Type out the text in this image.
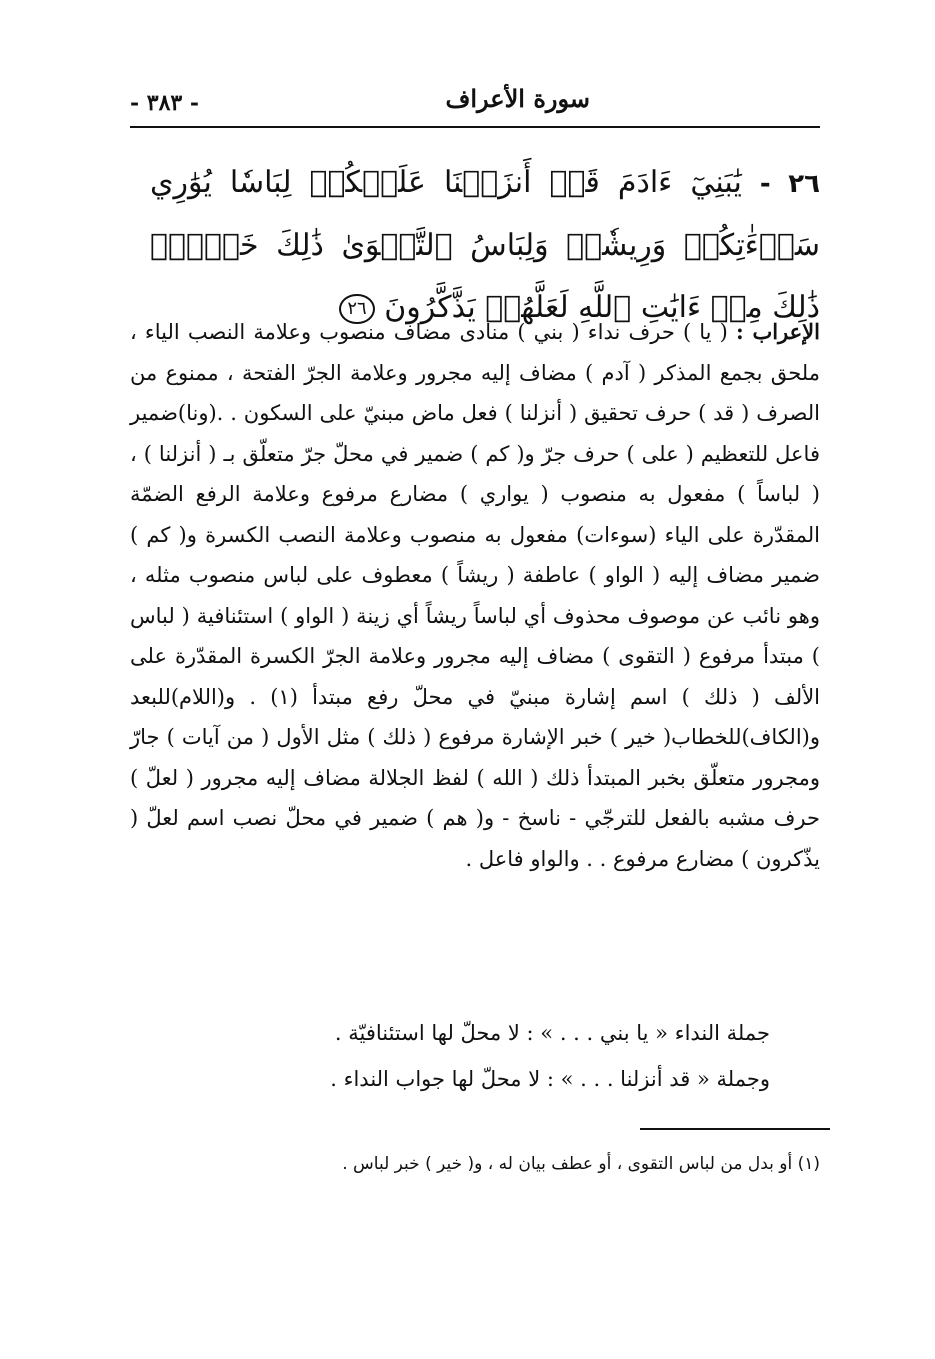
سورة الأعراف
- ٣٨٣ -
٢٦ - يَٰبَنِيٓ ءَادَمَ قَدۡ أَنزَلۡنَا عَلَيۡكُمۡ لِبَاسٗا يُوَٰرِي سَوۡءَٰتِكُمۡ وَرِيشٗاۖ وَلِبَاسُ ٱلتَّقۡوَىٰ ذَٰلِكَ خَيۡرٞۚ ذَٰلِكَ مِنۡ ءَايَٰتِ ٱللَّهِ لَعَلَّهُمۡ يَذَّكَّرُونَ ٢٦
الإعراب : ( يا ) حرف نداء ( بني ) منادى مضاف منصوب وعلامة النصب الياء ، ملحق بجمع المذكر ( آدم ) مضاف إليه مجرور وعلامة الجرّ الفتحة ، ممنوع من الصرف ( قد ) حرف تحقيق ( أنزلنا ) فعل ماض مبنيّ على السكون . .(ونا)ضمير فاعل للتعظيم ( على ) حرف جرّ و( كم ) ضمير في محلّ جرّ متعلّق بـ ( أنزلنا ) ، ( لباساً ) مفعول به منصوب ( يواري ) مضارع مرفوع وعلامة الرفع الضمّة المقدّرة على الياء (سوءات) مفعول به منصوب وعلامة النصب الكسرة و( كم ) ضمير مضاف إليه ( الواو ) عاطفة ( ريشاً ) معطوف على لباس منصوب مثله ، وهو نائب عن موصوف محذوف أي لباساً ريشاً أي زينة ( الواو ) استئنافية ( لباس ) مبتدأ مرفوع ( التقوى ) مضاف إليه مجرور وعلامة الجرّ الكسرة المقدّرة على الألف ( ذلك ) اسم إشارة مبنيّ في محلّ رفع مبتدأ (١) . و(اللام)للبعد و(الكاف)للخطاب( خير ) خبر الإشارة مرفوع ( ذلك ) مثل الأول ( من آيات ) جارّ ومجرور متعلّق بخبر المبتدأ ذلك ( الله ) لفظ الجلالة مضاف إليه مجرور ( لعلّ ) حرف مشبه بالفعل للترجّي - ناسخ - و( هم ) ضمير في محلّ نصب اسم لعلّ ( يذّكرون ) مضارع مرفوع . . والواو فاعل .
جملة النداء « يا بني . . . » : لا محلّ لها استئنافيّة .
وجملة « قد أنزلنا . . . » : لا محلّ لها جواب النداء .
(١) أو بدل من لباس التقوى ، أو عطف بيان له ، و( خير ) خبر لباس .
